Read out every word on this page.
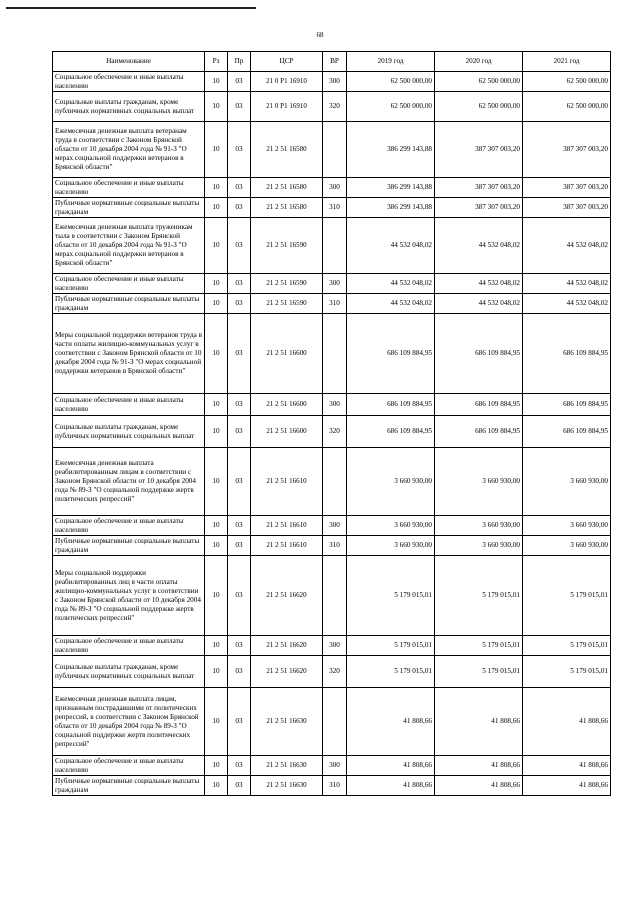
68
Наименование	Рз	Пр	ЦСР	ВР	2019 год	2020 год	2021 год
Социальное обеспечение и иные выплаты населению	10	03	21 0 P1 16910	300	62 500 000,00	62 500 000,00	62 500 000,00
Социальные выплаты гражданам, кроме публичных нормативных социальных выплат	10	03	21 0 P1 16910	320	62 500 000,00	62 500 000,00	62 500 000,00
Ежемесячная денежная выплата ветеранам труда в соответствии с Законом Брянской области от 10 декабря 2004 года № 91-З "О мерах социальной поддержки ветеранов в Брянской области"	10	03	21 2 51 16580		386 299 143,88	387 307 003,20	387 307 003,20
Социальное обеспечение и иные выплаты населению	10	03	21 2 51 16580	300	386 299 143,88	387 307 003,20	387 307 003,20
Публичные нормативные социальные выплаты гражданам	10	03	21 2 51 16580	310	386 299 143,88	387 307 003,20	387 307 003,20
Ежемесячная денежная выплата труженикам тыла в соответствии с Законом Брянской области от 10 декабря 2004 года № 91-З "О мерах социальной поддержки ветеранов в Брянской области"	10	03	21 2 51 16590		44 532 048,02	44 532 048,02	44 532 048,02
Социальное обеспечение и иные выплаты населению	10	03	21 2 51 16590	300	44 532 048,02	44 532 048,02	44 532 048,02
Публичные нормативные социальные выплаты гражданам	10	03	21 2 51 16590	310	44 532 048,02	44 532 048,02	44 532 048,02
Меры социальной поддержки ветеранов труда в части оплаты жилищно-коммунальных услуг в соответствии с Законом Брянской области от 10 декабря 2004 года № 91-З "О мерах социальной поддержки ветеранов в Брянской области"	10	03	21 2 51 16600		686 109 884,95	686 109 884,95	686 109 884,95
Социальное обеспечение и иные выплаты населению	10	03	21 2 51 16600	300	686 109 884,95	686 109 884,95	686 109 884,95
Социальные выплаты гражданам, кроме публичных нормативных социальных выплат	10	03	21 2 51 16600	320	686 109 884,95	686 109 884,95	686 109 884,95
Ежемесячная денежная выплата реабилитированным лицам в соответствии с Законом Брянской области от 10 декабря 2004 года № 89-З "О социальной поддержке жертв политических репрессий"	10	03	21 2 51 16610		3 660 930,00	3 660 930,00	3 660 930,00
Социальное обеспечение и иные выплаты населению	10	03	21 2 51 16610	300	3 660 930,00	3 660 930,00	3 660 930,00
Публичные нормативные социальные выплаты гражданам	10	03	21 2 51 16610	310	3 660 930,00	3 660 930,00	3 660 930,00
Меры социальной поддержки реабилитированных лиц в части оплаты жилищно-коммунальных услуг в соответствии с Законом Брянской области от 10 декабря 2004 года № 89-З "О социальной поддержке жертв политических репрессий"	10	03	21 2 51 16620		5 179 015,01	5 179 015,01	5 179 015,01
Социальное обеспечение и иные выплаты населению	10	03	21 2 51 16620	300	5 179 015,01	5 179 015,01	5 179 015,01
Социальные выплаты гражданам, кроме публичных нормативных социальных выплат	10	03	21 2 51 16620	320	5 179 015,01	5 179 015,01	5 179 015,01
Ежемесячная денежная выплата лицам, признанным пострадавшими от политических репрессий, в соответствии с Законом Брянской области от 10 декабря 2004 года № 89-З "О социальной поддержке жертв политических репрессий"	10	03	21 2 51 16630		41 808,66	41 808,66	41 808,66
Социальное обеспечение и иные выплаты населению	10	03	21 2 51 16630	300	41 808,66	41 808,66	41 808,66
Публичные нормативные социальные выплаты гражданам	10	03	21 2 51 16630	310	41 808,66	41 808,66	41 808,66
